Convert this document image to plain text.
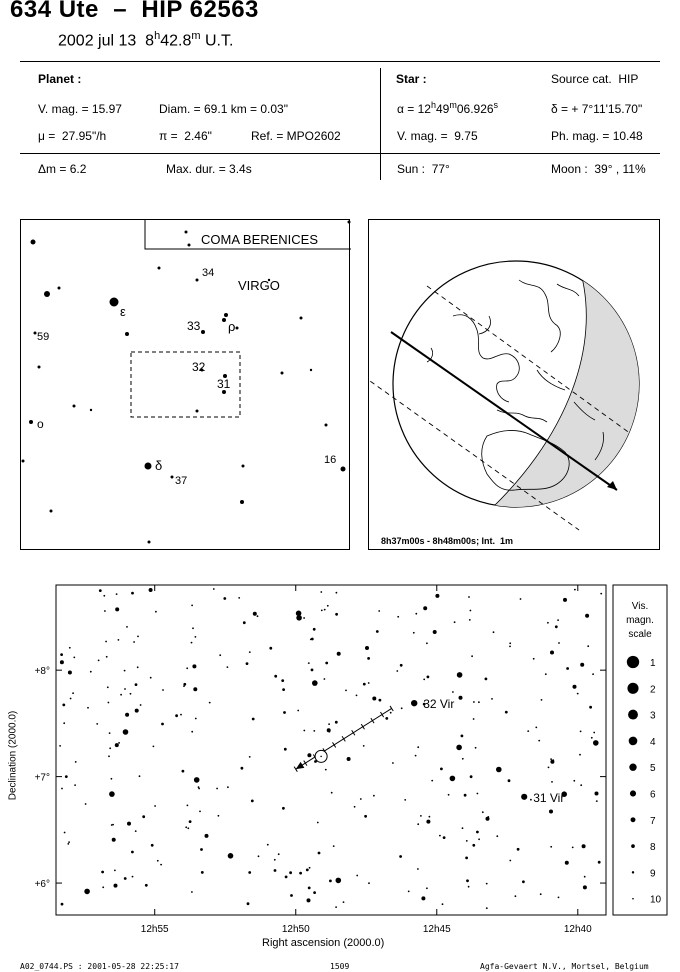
634 Ute  –  HIP 62563
2002 jul 13  8$^h$42.8$^m$ U.T.
Planet :	Star :	Source cat.  HIP
V. mag. = 15.97	Diam. = 69.1 km = 0.03"	$\alpha = 12^h49^m06.926^s$	δ = + 7°11'15.70"
μ =  27.95"/h	π =  2.46"	Ref. = MPO2602	V. mag. =  9.75	Ph. mag. = 10.48
Δm = 6.2	Max. dur. = 3.4s	Sun :  77°	Moon :  39° , 11%
COMA BERENICES
VIRGO
34
ε
33 ρ
59
32
31
o
16
δ
37
8h37m00s - 8h48m00s; Int.  1m
12h55	12h50	12h45	12h40
+8°
+7°
+6°
32 Vir
31 Vir
Vis.
magn.
scale
1
2
3
4
5
6
7
8
9
10
Right ascension (2000.0)
Declination (2000.0)
A02_0744.PS : 2001-05-28 22:25:17	1509	Agfa-Gevaert N.V., Mortsel, Belgium
